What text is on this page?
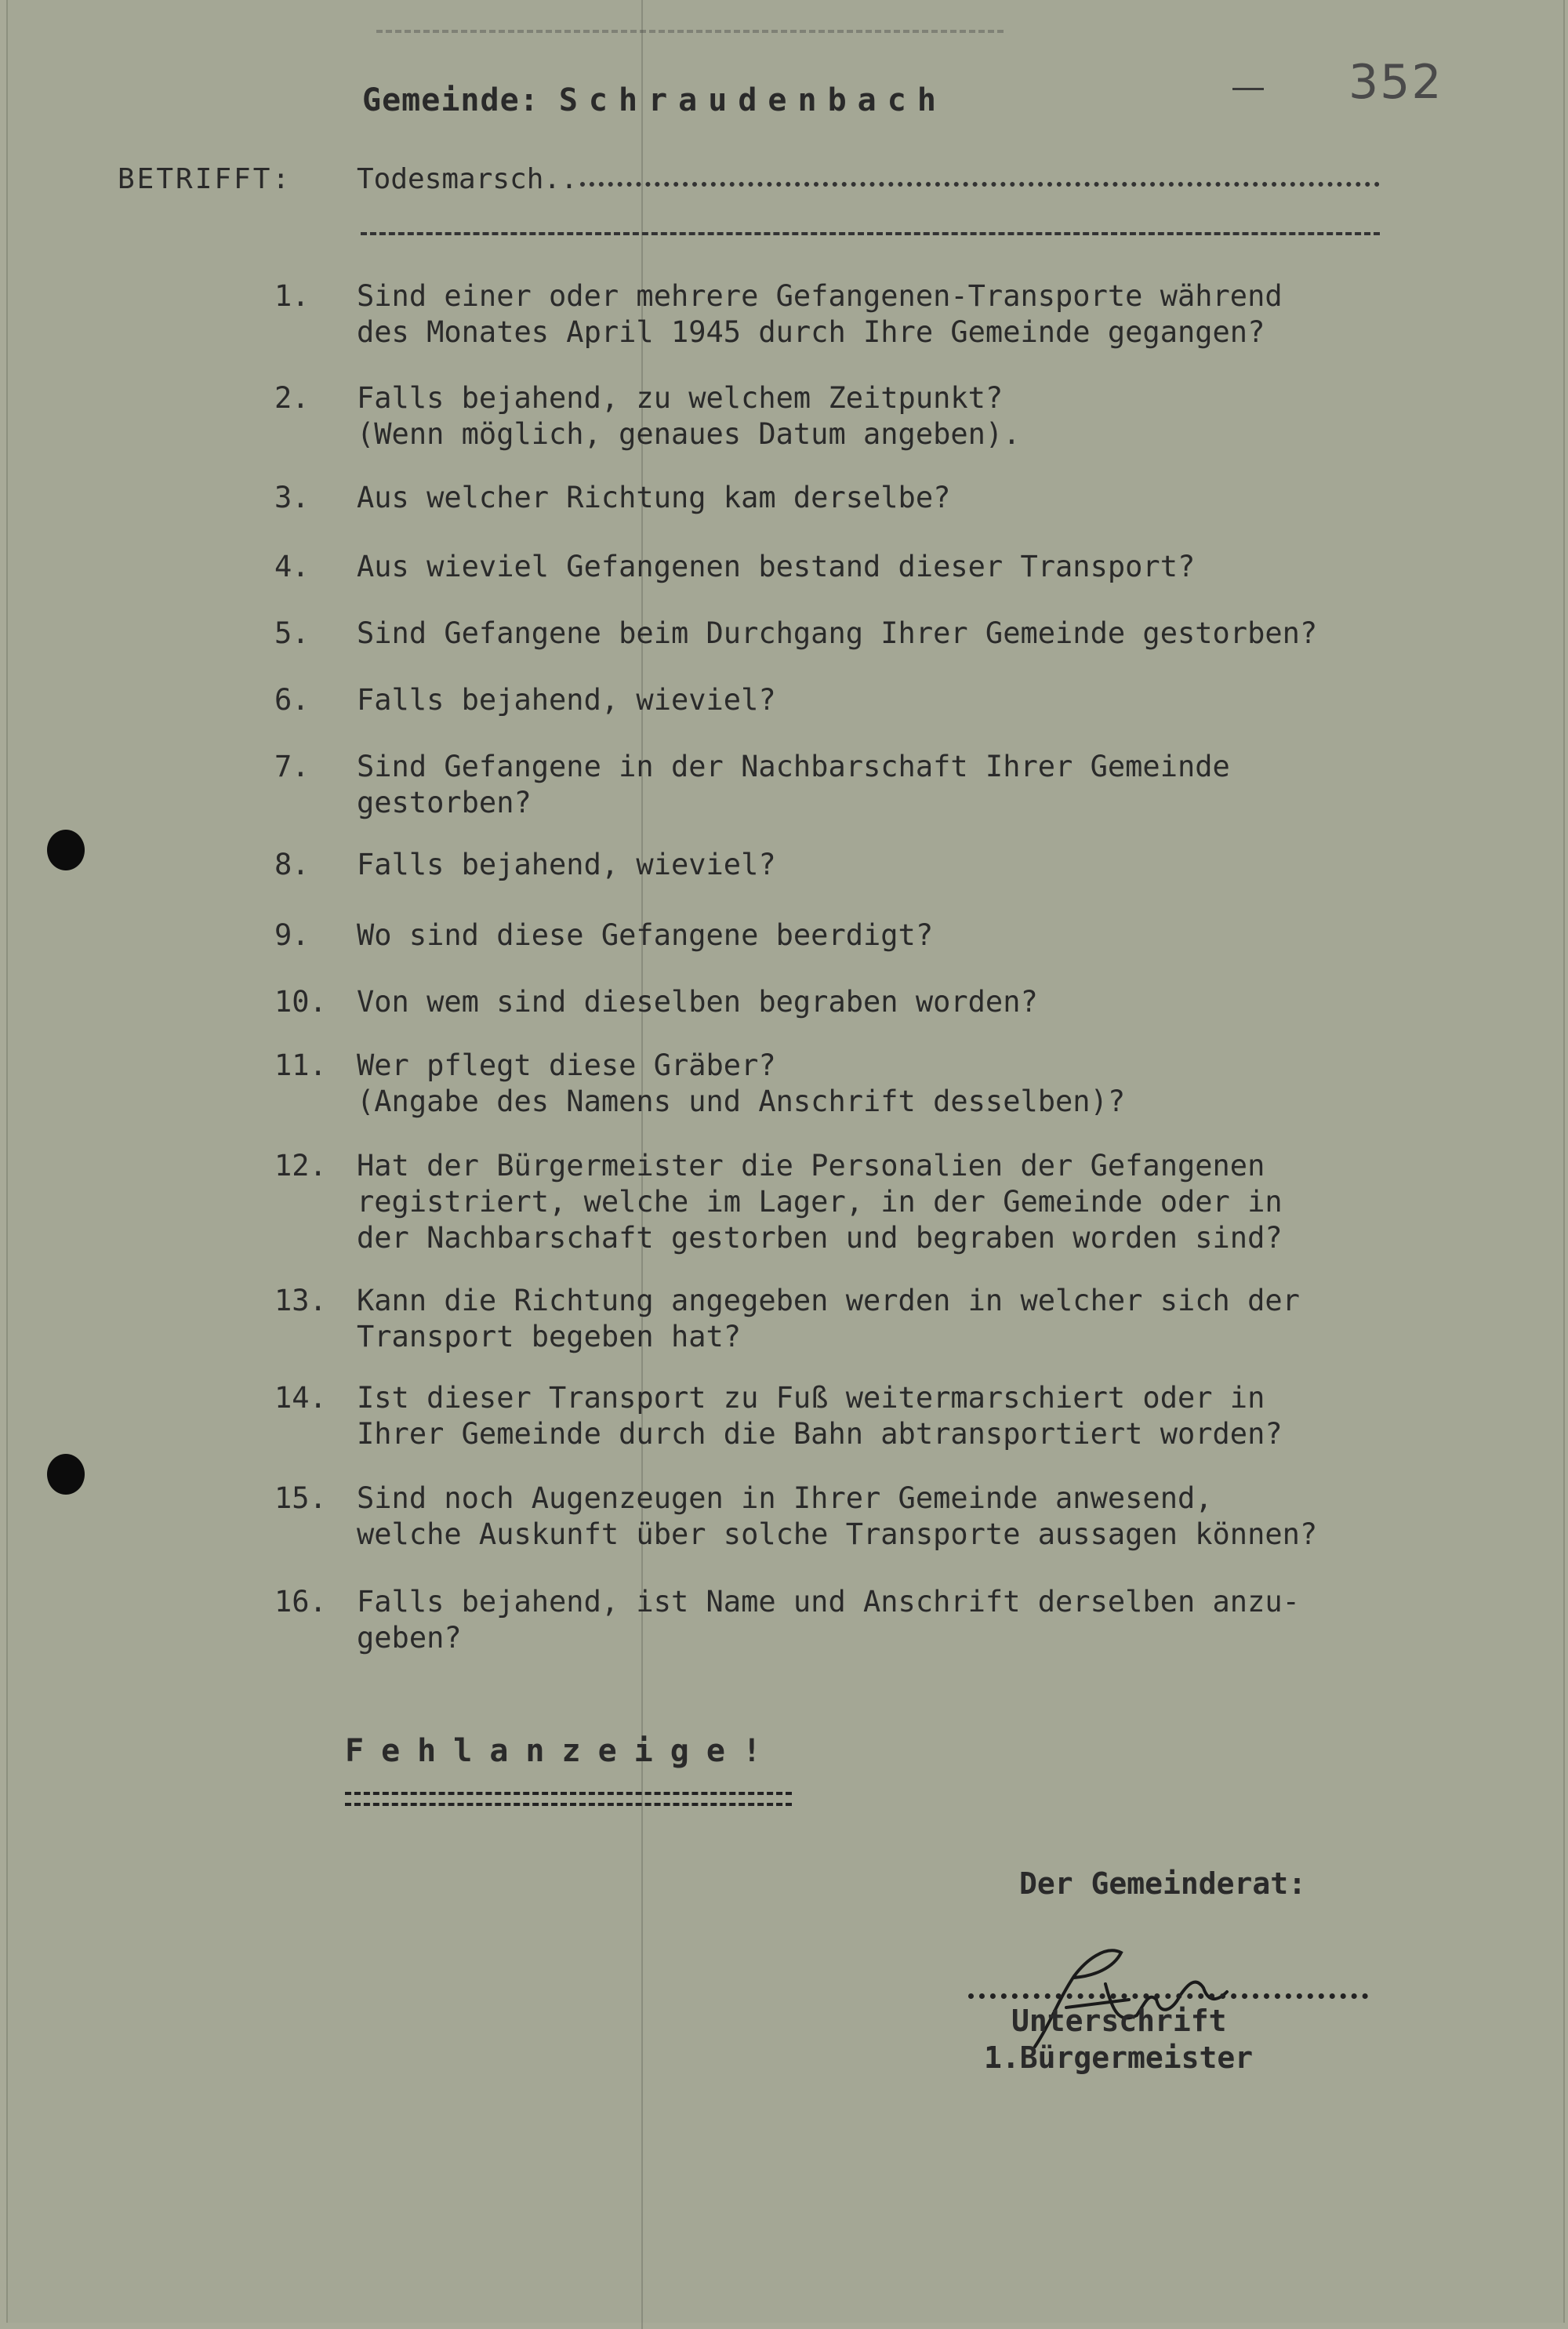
352
Gemeinde: Schraudenbach
BETRIFFT: Todesmarsch..
1. Sind einer oder mehrere Gefangenen-Transporte während
des Monates April 1945 durch Ihre Gemeinde gegangen?
2. Falls bejahend, zu welchem Zeitpunkt?
(Wenn möglich, genaues Datum angeben).
3. Aus welcher Richtung kam derselbe?
4. Aus wieviel Gefangenen bestand dieser Transport?
5. Sind Gefangene beim Durchgang Ihrer Gemeinde gestorben?
6. Falls bejahend, wieviel?
7. Sind Gefangene in der Nachbarschaft Ihrer Gemeinde
gestorben?
8. Falls bejahend, wieviel?
9. Wo sind diese Gefangene beerdigt?
10. Von wem sind dieselben begraben worden?
11. Wer pflegt diese Gräber?
(Angabe des Namens und Anschrift desselben)?
12. Hat der Bürgermeister die Personalien der Gefangenen
registriert, welche im Lager, in der Gemeinde oder in
der Nachbarschaft gestorben und begraben worden sind?
13. Kann die Richtung angegeben werden in welcher sich der
Transport begeben hat?
14. Ist dieser Transport zu Fuß weitermarschiert oder in
Ihrer Gemeinde durch die Bahn abtransportiert worden?
15. Sind noch Augenzeugen in Ihrer Gemeinde anwesend,
welche Auskunft über solche Transporte aussagen können?
16. Falls bejahend, ist Name und Anschrift derselben anzu-
geben?
Fehlanzeige!
Der Gemeinderat:
Unterschrift
1.Bürgermeister
